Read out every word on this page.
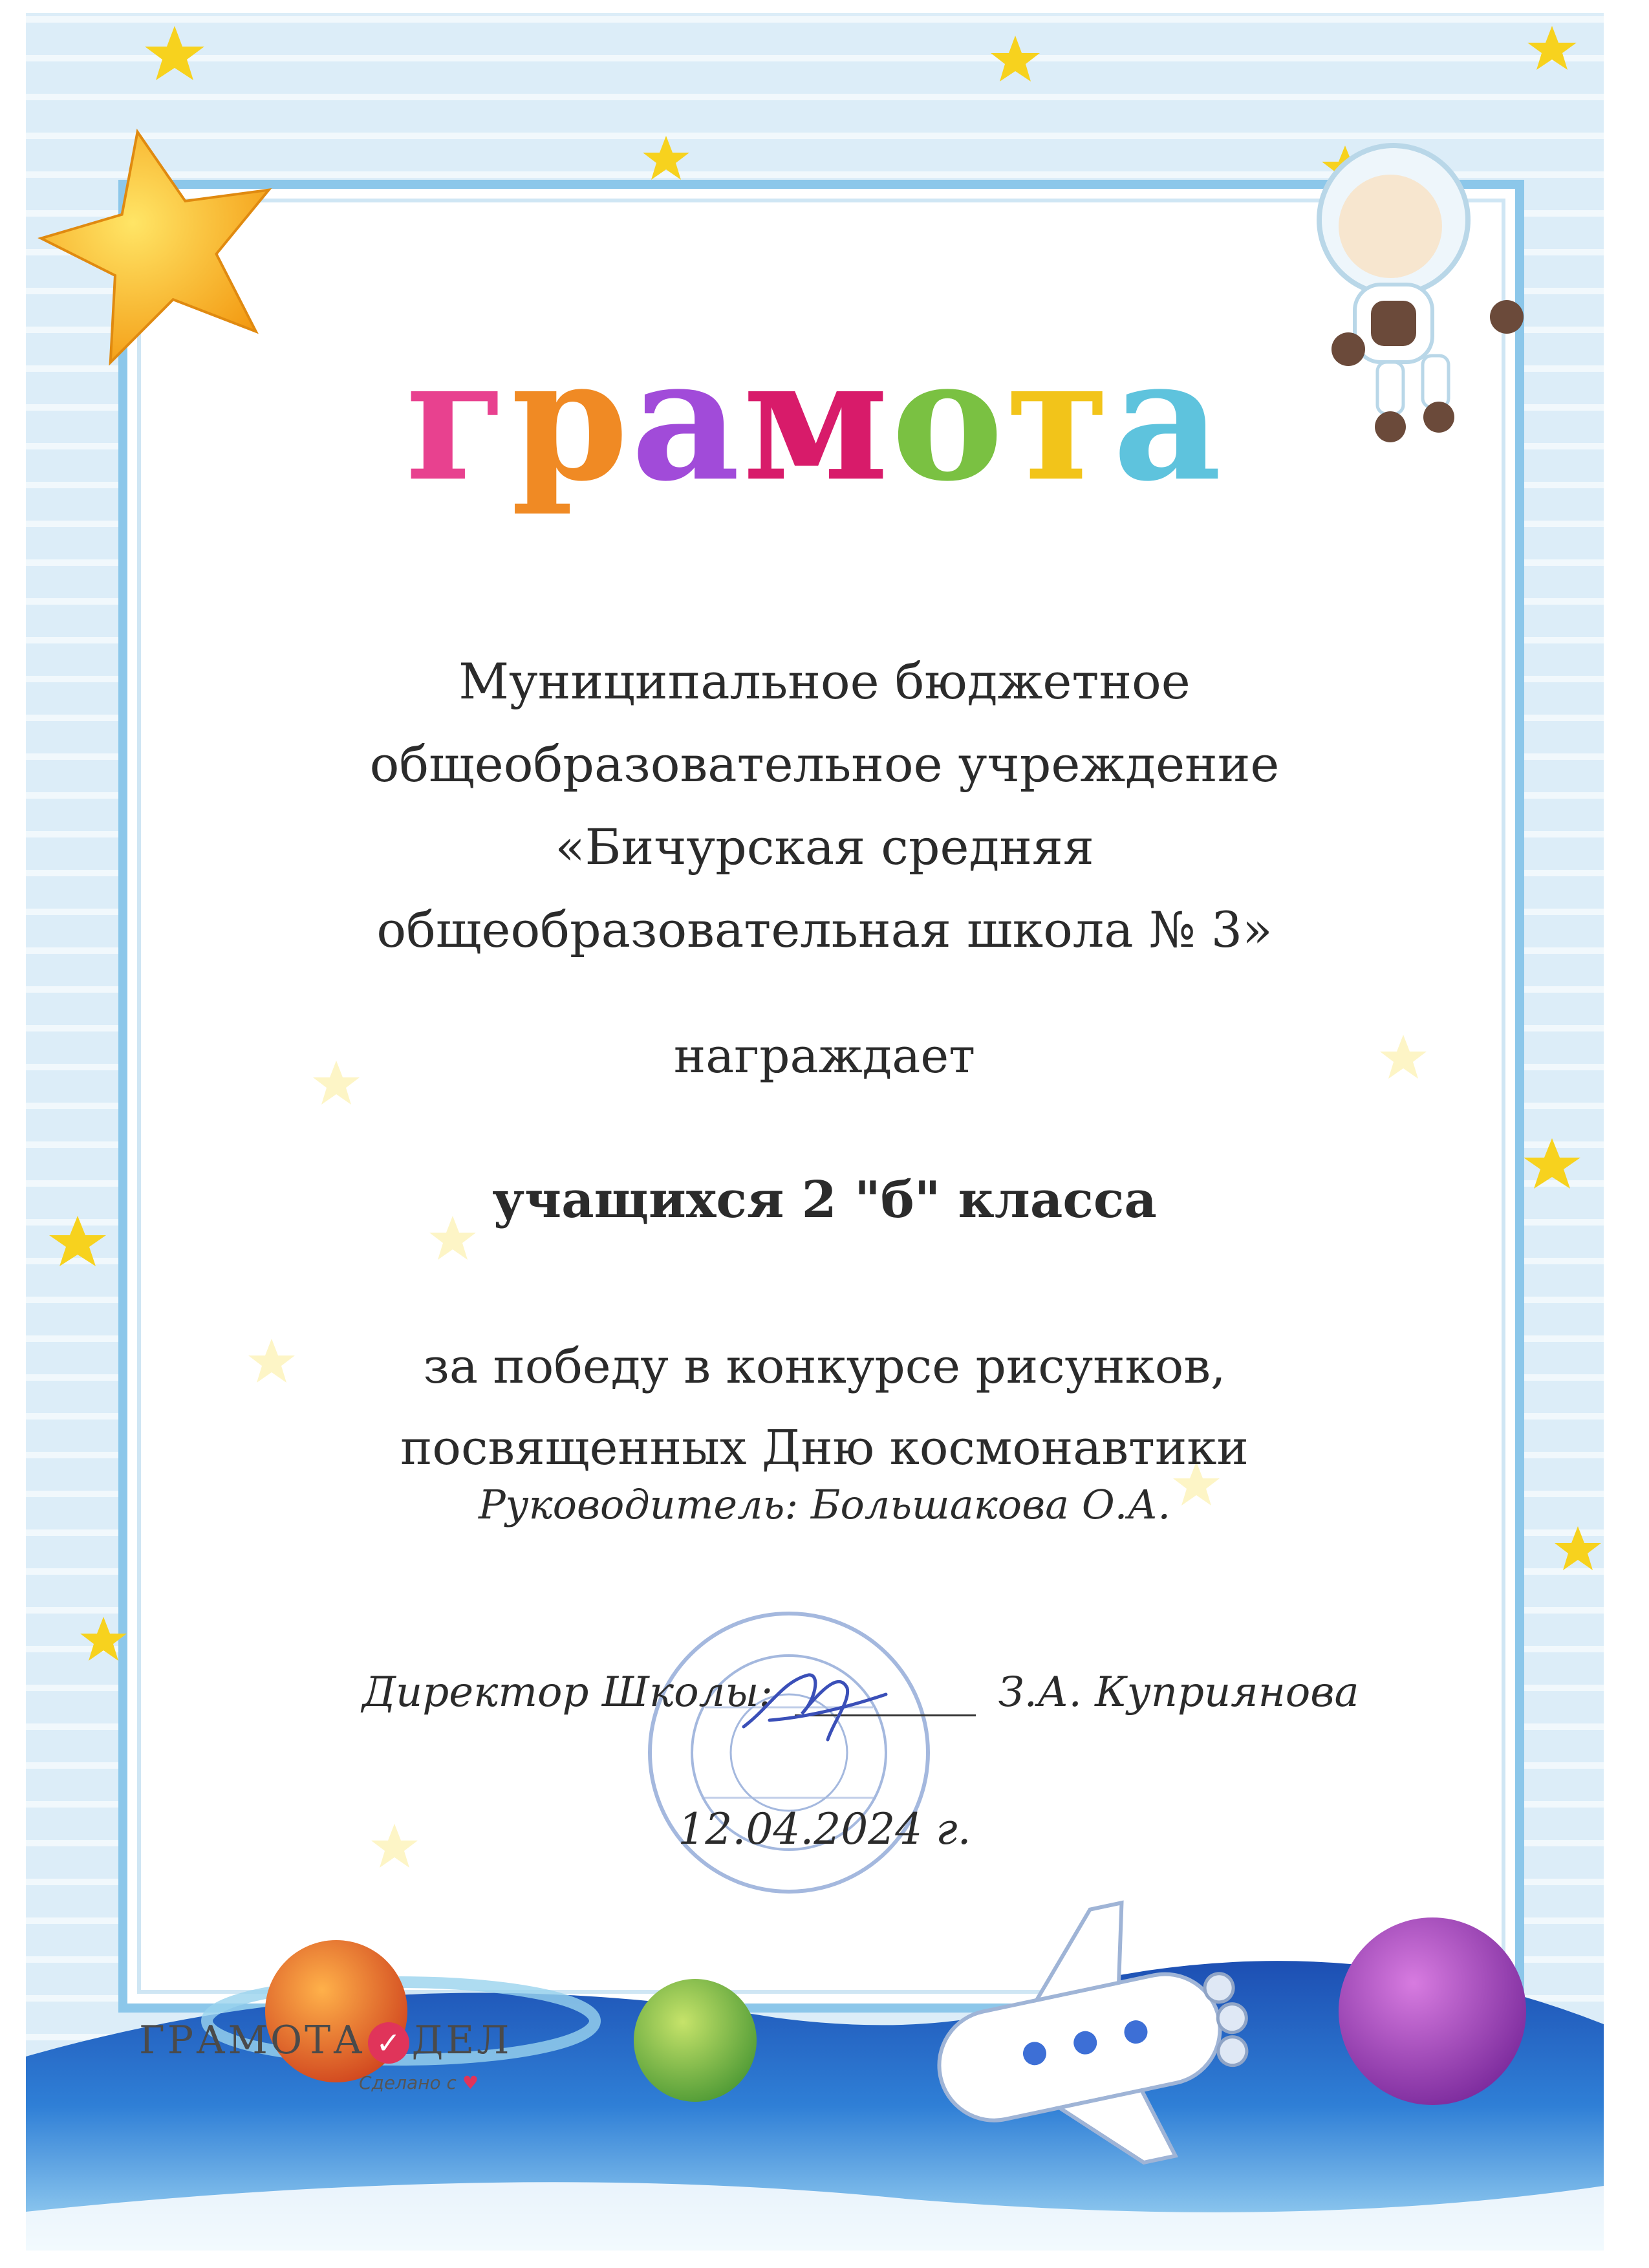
грамота
Муниципальное бюджетное
общеобразовательное учреждение
«Бичурская средняя
общеобразовательная школа № 3»
награждает
учащихся 2 "б" класса
за победу в конкурсе рисунков,
посвященных Дню космонавтики
Руководитель: Большакова О.А.
Директор Школы:	З.А. Куприянова
12.04.2024 г.
ГРАМОТА ✓ ДЕЛ
Сделано с ♥
